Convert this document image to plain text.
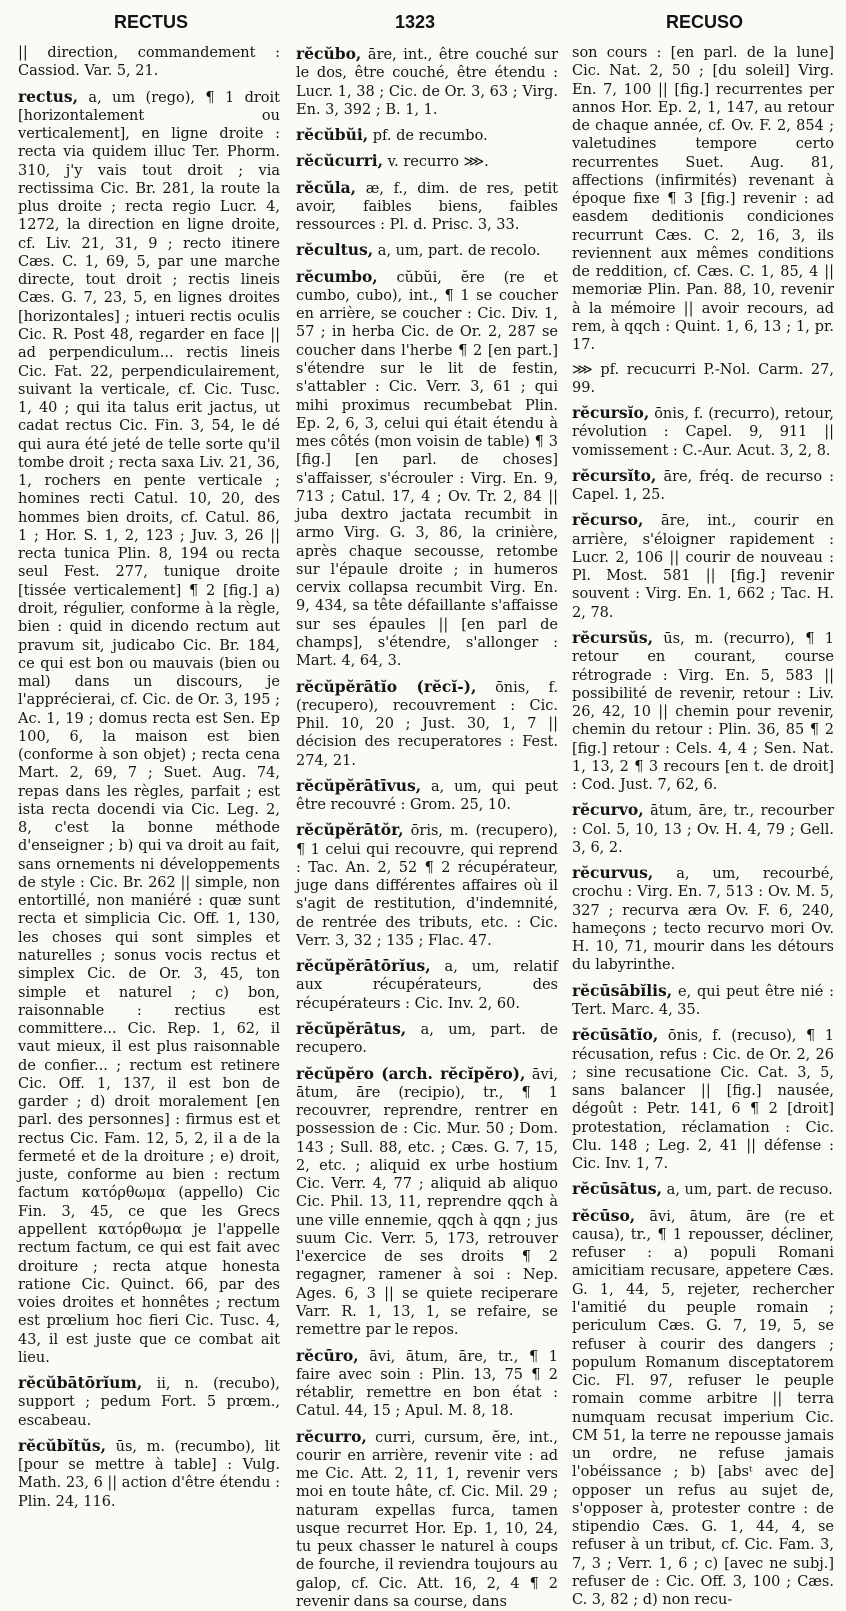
RECTUS	1323	RECUSO

|| direction, commandement : Cassiod. Var. 5, 21.

rectus, a, um (rego), ¶ 1 droit [horizontalement ou verticalement], en ligne droite : recta via quidem illuc Ter. Phorm. 310, j'y vais tout droit ; via rectissima Cic. Br. 281, la route la plus droite ; recta regio Lucr. 4, 1272, la direction en ligne droite, cf. Liv. 21, 31, 9 ; recto itinere Cæs. C. 1, 69, 5, par une marche directe, tout droit ; rectis lineis Cæs. G. 7, 23, 5, en lignes droites [horizontales] ; intueri rectis oculis Cic. R. Post 48, regarder en face || ad perpendiculum... rectis lineis Cic. Fat. 22, perpendiculairement, suivant la verticale, cf. Cic. Tusc. 1, 40 ; qui ita talus erit jactus, ut cadat rectus Cic. Fin. 3, 54, le dé qui aura été jeté de telle sorte qu'il tombe droit ; recta saxa Liv. 21, 36, 1, rochers en pente verticale ; homines recti Catul. 10, 20, des hommes bien droits, cf. Catul. 86, 1 ; Hor. S. 1, 2, 123 ; Juv. 3, 26 || recta tunica Plin. 8, 194 ou recta seul Fest. 277, tunique droite [tissée verticalement] ¶ 2 [fig.] a) droit, régulier, conforme à la règle, bien : quid in dicendo rectum aut pravum sit, judicabo Cic. Br. 184, ce qui est bon ou mauvais (bien ou mal) dans un discours, je l'apprécierai, cf. Cic. de Or. 3, 195 ; Ac. 1, 19 ; domus recta est Sen. Ep 100, 6, la maison est bien (conforme à son objet) ; recta cena Mart. 2, 69, 7 ; Suet. Aug. 74, repas dans les règles, parfait ; est ista recta docendi via Cic. Leg. 2, 8, c'est la bonne méthode d'enseigner ; b) qui va droit au fait, sans ornements ni développements de style : Cic. Br. 262 || simple, non entortillé, non maniéré : quæ sunt recta et simplicia Cic. Off. 1, 130, les choses qui sont simples et naturelles ; sonus vocis rectus et simplex Cic. de Or. 3, 45, ton simple et naturel ; c) bon, raisonnable : rectius est committere... Cic. Rep. 1, 62, il vaut mieux, il est plus raisonnable de confier... ; rectum est retinere Cic. Off. 1, 137, il est bon de garder ; d) droit moralement [en parl. des personnes] : firmus est et rectus Cic. Fam. 12, 5, 2, il a de la fermeté et de la droiture ; e) droit, juste, conforme au bien : rectum factum κατόρθωμα (appello) Cic Fin. 3, 45, ce que les Grecs appellent κατόρθωμα je l'appelle rectum factum, ce qui est fait avec droiture ; recta atque honesta ratione Cic. Quinct. 66, par des voies droites et honnêtes ; rectum est prœlium hoc fieri Cic. Tusc. 4, 43, il est juste que ce combat ait lieu.

rĕcŭbātōrĭum, ii, n. (recubo), support ; pedum Fort. 5 prœm., escabeau.

rĕcŭbĭtŭs, ūs, m. (recumbo), lit [pour se mettre à table] : Vulg. Math. 23, 6 || action d'être étendu : Plin. 24, 116.

rĕcŭbo, āre, int., être couché sur le dos, être couché, être étendu : Lucr. 1, 38 ; Cic. de Or. 3, 63 ; Virg. En. 3, 392 ; B. 1, 1.

rĕcŭbŭi, pf. de recumbo.

rĕcŭcurri, v. recurro ⋙.

rĕcŭla, æ, f., dim. de res, petit avoir, faibles biens, faibles ressources : Pl. d. Prisc. 3, 33.

rĕcultus, a, um, part. de recolo.

rĕcumbo, cŭbŭi, ĕre (re et cumbo, cubo), int., ¶ 1 se coucher en arrière, se coucher : Cic. Div. 1, 57 ; in herba Cic. de Or. 2, 287 se coucher dans l'herbe ¶ 2 [en part.] s'étendre sur le lit de festin, s'attabler : Cic. Verr. 3, 61 ; qui mihi proximus recumbebat Plin. Ep. 2, 6, 3, celui qui était étendu à mes côtés (mon voisin de table) ¶ 3 [fig.] [en parl. de choses] s'affaisser, s'écrouler : Virg. En. 9, 713 ; Catul. 17, 4 ; Ov. Tr. 2, 84 || juba dextro jactata recumbit in armo Virg. G. 3, 86, la crinière, après chaque secousse, retombe sur l'épaule droite ; in humeros cervix collapsa recumbit Virg. En. 9, 434, sa tête défaillante s'affaisse sur ses épaules || [en parl de champs], s'étendre, s'allonger : Mart. 4, 64, 3.

rĕcŭpĕrātĭo (rĕcĭ-), ōnis, f. (recupero), recouvrement : Cic. Phil. 10, 20 ; Just. 30, 1, 7 || décision des recuperatores : Fest. 274, 21.

rĕcŭpĕrātīvus, a, um, qui peut être recouvré : Grom. 25, 10.

rĕcŭpĕrātŏr, ōris, m. (recupero), ¶ 1 celui qui recouvre, qui reprend : Tac. An. 2, 52 ¶ 2 récupérateur, juge dans différentes affaires où il s'agit de restitution, d'indemnité, de rentrée des tributs, etc. : Cic. Verr. 3, 32 ; 135 ; Flac. 47.

rĕcŭpĕrātōrĭus, a, um, relatif aux récupérateurs, des récupérateurs : Cic. Inv. 2, 60.

rĕcŭpĕrātus, a, um, part. de recupero.

rĕcŭpĕro (arch. rĕcĭpĕro), āvi, ātum, āre (recipio), tr., ¶ 1 recouvrer, reprendre, rentrer en possession de : Cic. Mur. 50 ; Dom. 143 ; Sull. 88, etc. ; Cæs. G. 7, 15, 2, etc. ; aliquid ex urbe hostium Cic. Verr. 4, 77 ; aliquid ab aliquo Cic. Phil. 13, 11, reprendre qqch à une ville ennemie, qqch à qqn ; jus suum Cic. Verr. 5, 173, retrouver l'exercice de ses droits ¶ 2 regagner, ramener à soi : Nep. Ages. 6, 3 || se quiete reciperare Varr. R. 1, 13, 1, se refaire, se remettre par le repos.

rĕcūro, āvi, ātum, āre, tr., ¶ 1 faire avec soin : Plin. 13, 75 ¶ 2 rétablir, remettre en bon état : Catul. 44, 15 ; Apul. M. 8, 18.

rĕcurro, curri, cursum, ĕre, int., courir en arrière, revenir vite : ad me Cic. Att. 2, 11, 1, revenir vers moi en toute hâte, cf. Cic. Mil. 29 ; naturam expellas furca, tamen usque recurret Hor. Ep. 1, 10, 24, tu peux chasser le naturel à coups de fourche, il reviendra toujours au galop, cf. Cic. Att. 16, 2, 4 ¶ 2 revenir dans sa course, dans

son cours : [en parl. de la lune] Cic. Nat. 2, 50 ; [du soleil] Virg. En. 7, 100 || [fig.] recurrentes per annos Hor. Ep. 2, 1, 147, au retour de chaque année, cf. Ov. F. 2, 854 ; valetudines tempore certo recurrentes Suet. Aug. 81, affections (infirmités) revenant à époque fixe ¶ 3 [fig.] revenir : ad easdem deditionis condiciones recurrunt Cæs. C. 2, 16, 3, ils reviennent aux mêmes conditions de reddition, cf. Cæs. C. 1, 85, 4 || memoriæ Plin. Pan. 88, 10, revenir à la mémoire || avoir recours, ad rem, à qqch : Quint. 1, 6, 13 ; 1, pr. 17.

⋙ pf. recucurri P.-Nol. Carm. 27, 99.

rĕcursĭo, ōnis, f. (recurro), retour, révolution : Capel. 9, 911 || vomissement : C.-Aur. Acut. 3, 2, 8.

rĕcursĭto, āre, fréq. de recurso : Capel. 1, 25.

rĕcurso, āre, int., courir en arrière, s'éloigner rapidement : Lucr. 2, 106 || courir de nouveau : Pl. Most. 581 || [fig.] revenir souvent : Virg. En. 1, 662 ; Tac. H. 2, 78.

rĕcursŭs, ūs, m. (recurro), ¶ 1 retour en courant, course rétrograde : Virg. En. 5, 583 || possibilité de revenir, retour : Liv. 26, 42, 10 || chemin pour revenir, chemin du retour : Plin. 36, 85 ¶ 2 [fig.] retour : Cels. 4, 4 ; Sen. Nat. 1, 13, 2 ¶ 3 recours [en t. de droit] : Cod. Just. 7, 62, 6.

rĕcurvo, ātum, āre, tr., recourber : Col. 5, 10, 13 ; Ov. H. 4, 79 ; Gell. 3, 6, 2.

rĕcurvus, a, um, recourbé, crochu : Virg. En. 7, 513 : Ov. M. 5, 327 ; recurva æra Ov. F. 6, 240, hameçons ; tecto recurvo mori Ov. H. 10, 71, mourir dans les détours du labyrinthe.

rĕcūsābĭlis, e, qui peut être nié : Tert. Marc. 4, 35.

rĕcūsātĭo, ōnis, f. (recuso), ¶ 1 récusation, refus : Cic. de Or. 2, 26 ; sine recusatione Cic. Cat. 3, 5, sans balancer || [fig.] nausée, dégoût : Petr. 141, 6 ¶ 2 [droit] protestation, réclamation : Cic. Clu. 148 ; Leg. 2, 41 || défense : Cic. Inv. 1, 7.

rĕcūsātus, a, um, part. de recuso.

rĕcūso, āvi, ātum, āre (re et causa), tr., ¶ 1 repousser, décliner, refuser : a) populi Romani amicitiam recusare, appetere Cæs. G. 1, 44, 5, rejeter, rechercher l'amitié du peuple romain ; periculum Cæs. G. 7, 19, 5, se refuser à courir des dangers ; populum Romanum disceptatorem Cic. Fl. 97, refuser le peuple romain comme arbitre || terra numquam recusat imperium Cic. CM 51, la terre ne repousse jamais un ordre, ne refuse jamais l'obéissance ; b) [absᵗ avec de] opposer un refus au sujet de, s'opposer à, protester contre : de stipendio Cæs. G. 1, 44, 4, se refuser à un tribut, cf. Cic. Fam. 3, 7, 3 ; Verr. 1, 6 ; c) [avec ne subj.] refuser de : Cic. Off. 3, 100 ; Cæs. C. 3, 82 ; d) non recu-
